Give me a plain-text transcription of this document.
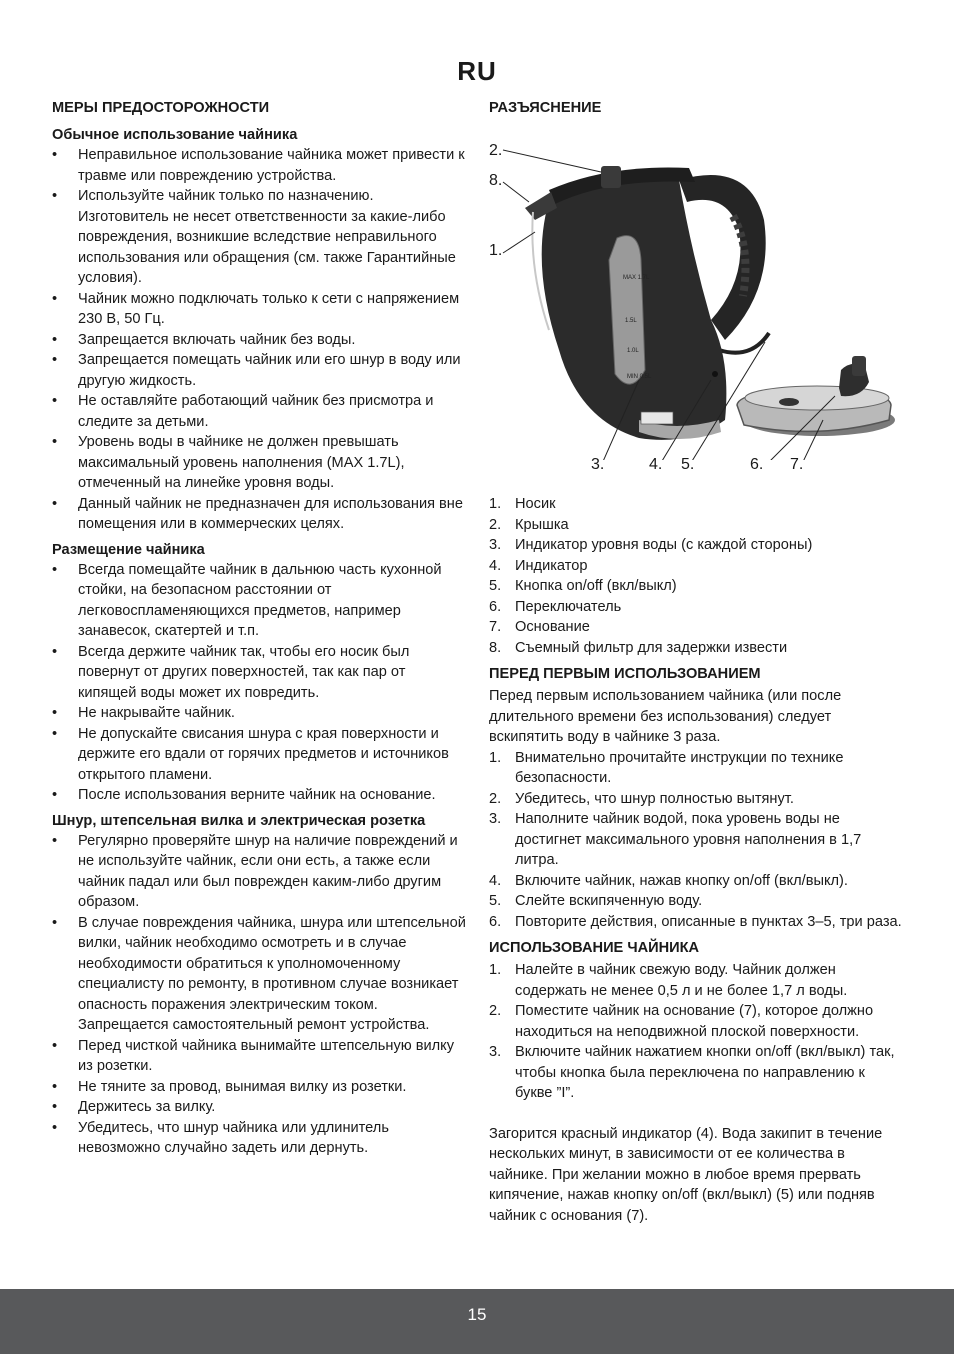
RU
МЕРЫ ПРЕДОСТОРОЖНОСТИ
Обычное использование чайника
• Неправильное использование чайника может привести к травме или повреждению устройства.
• Используйте чайник только по назначению. Изготовитель не несет ответственности за какие-либо повреждения, возникшие вследствие неправильного использования или обращения (см. также Гарантийные условия).
• Чайник можно подключать только к сети с напряжением 230 В, 50 Гц.
• Запрещается включать чайник без воды.
• Запрещается помещать чайник или его шнур в воду или другую жидкость.
• Не оставляйте работающий чайник без присмотра и следите за детьми.
• Уровень воды в чайнике не должен превышать максимальный уровень наполнения (MAX 1.7L), отмеченный на линейке уровня воды.
• Данный чайник не предназначен для использования вне помещения или в коммерческих целях.
Размещение чайника
• Всегда помещайте чайник в дальнюю часть кухонной стойки, на безопасном расстоянии от легковоспламеняющихся предметов, например занавесок, скатертей и т.п.
• Всегда держите чайник так, чтобы его носик был повернут от других поверхностей, так как пар от кипящей воды может их повредить.
• Не накрывайте чайник.
• Не допускайте свисания шнура с края поверхности и держите его вдали от горячих предметов и источников открытого пламени.
• После использования верните чайник на основание.
Шнур, штепсельная вилка и электрическая розетка
• Регулярно проверяйте шнур на наличие повреждений и не используйте чайник, если они есть, а также если чайник падал или был поврежден каким-либо другим образом.
• В случае повреждения чайника, шнура или штепсельной вилки, чайник необходимо осмотреть и в случае необходимости обратиться к уполномоченному специалисту по ремонту, в противном случае возникает опасность поражения электрическим током. Запрещается самостоятельный ремонт устройства.
• Перед чисткой чайника вынимайте штепсельную вилку из розетки.
• Не тяните за провод, вынимая вилку из розетки.
• Держитесь за вилку.
• Убедитесь, что шнур чайника или удлинитель невозможно случайно задеть или дернуть.
РАЗЪЯСНЕНИЕ
MAX 1.7L
1.5L
1.0L
MIN 0.5L
2.
8.
1.
3.	4. 5.	6. 7.
1. Носик
2. Крышка
3. Индикатор уровня воды (с каждой стороны)
4. Индикатор
5. Кнопка on/off (вкл/выкл)
6. Переключатель
7. Основание
8. Съемный фильтр для задержки извести
ПЕРЕД ПЕРВЫМ ИСПОЛЬЗОВАНИЕМ

Перед первым использованием чайника (или после длительного времени без использования) следует вскипятить воду в чайнике 3 раза.

1. Внимательно прочитайте инструкции по технике безопасности.
2. Убедитесь, что шнур полностью вытянут.
3. Наполните чайник водой, пока уровень воды не достигнет максимального уровня наполнения в 1,7 литра.
4. Включите чайник, нажав кнопку on/off (вкл/выкл).
5. Слейте вскипяченную воду.
6. Повторите действия, описанные в пунктах 3–5, три раза.
ИСПОЛЬЗОВАНИЕ ЧАЙНИКА
1. Налейте в чайник свежую воду. Чайник должен содержать не менее 0,5 л и не более 1,7 л воды.
2. Поместите чайник на основание (7), которое должно находиться на неподвижной плоской поверхности.
3. Включите чайник нажатием кнопки on/off (вкл/выкл) так, чтобы кнопка была переключена по направлению к букве ”I”.

Загорится красный индикатор (4). Вода закипит в течение нескольких минут, в зависимости от ее количества в чайнике. При желании можно в любое время прервать кипячение, нажав кнопку on/off (вкл/выкл) (5) или подняв чайник с основания (7).

15
